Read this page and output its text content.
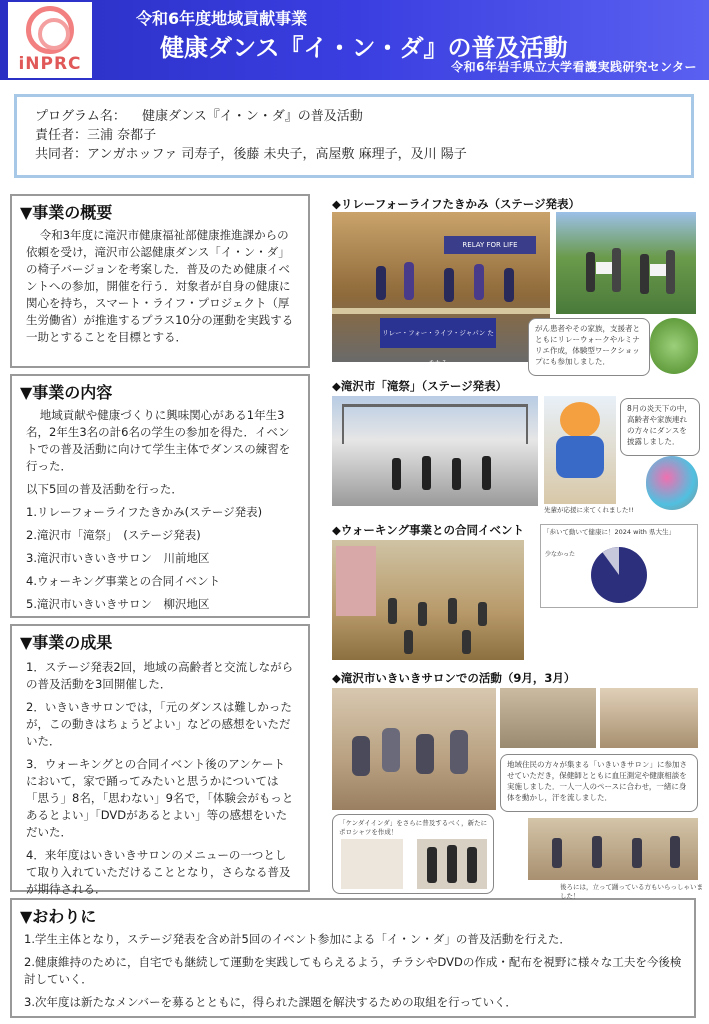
iNPRC
令和6年度地域貢献事業
健康ダンス『イ・ン・ダ』の普及活動
令和6年岩手県立大学看護実践研究センター

プログラム名： 健康ダンス『イ・ン・ダ』の普及活動

責任者：三浦 奈都子

共同者：アンガホッファ 司寿子，後藤 未央子，高屋敷 麻理子，及川 陽子

▼事業の概要
令和3年度に滝沢市健康福祉部健康推進課からの依頼を受け，滝沢市公認健康ダンス「イ・ン・ダ」の椅子バージョンを考案した．普及のため健康イベントへの参加，開催を行う．対象者が自身の健康に関心を持ち，スマート・ライフ・プロジェクト（厚生労働省）が推進するプラス10分の運動を実践する一助とすることを目標とする．
▼事業の内容
地域貢献や健康づくりに興味関心がある1年生3名，2年生3名の計6名の学生の参加を得た．イベントでの普及活動に向けて学生主体でダンスの練習を行った．
以下5回の普及活動を行った．
1.リレーフォーライフたきかみ(ステージ発表)
2.滝沢市「滝祭」　(ステージ発表)
3.滝沢市いきいきサロン　川前地区
4.ウォーキング事業との合同イベント
5.滝沢市いきいきサロン　柳沢地区
▼事業の成果
1．ステージ発表2回，地域の高齢者と交流しながらの普及活動を3回開催した．
2．いきいきサロンでは，「元のダンスは難しかったが，この動きはちょうどよい」などの感想をいただいた．
3．ウォーキングとの合同イベント後のアンケートにおいて，家で踊ってみたいと思うかについては「思う」8名，「思わない」9名で，「体験会がもっとあるとよい」「DVDがあるとよい」等の感想をいただいた．
4．来年度はいきいきサロンのメニューの一つとして取り入れていただけることとなり，さらなる普及が期待される．
▼おわりに
1.学生主体となり，ステージ発表を含め計5回のイベント参加による「イ・ン・ダ」の普及活動を行えた．
2.健康維持のために，自宅でも継続して運動を実践してもらえるよう，チラシやDVDの作成・配布を視野に様々な工夫を今後検討していく．
3.次年度は新たなメンバーを募るとともに，得られた課題を解決するための取組を行っていく．
◆リレーフォーライフたきかみ（ステージ発表）
RELAY FOR LIFE
リレー・フォー・ライフ・ジャパン たきかみ
がん患者やその家族，支援者とともにリレーウォークやルミナリエ作成，体験型ワークショップにも参加しました．
◆滝沢市「滝祭」（ステージ発表）
先輩が応援に来てくれました!!
8月の炎天下の中，高齢者や家族連れの方々にダンスを披露しました．
◆ウォーキング事業との合同イベント	「歩いて動いて健康に！2024 with 県大生」
少なかった
◆滝沢市いきいきサロンでの活動（9月，3月）
地域住民の方々が集まる「いきいきサロン」に参加させていただき，保健師とともに血圧測定や健康相談を実施しました．一人一人のペースに合わせ，一緒に身体を動かし，汗を流しました．
「ケンダイインダ」をさらに普及するべく，新たにポロシャツを作成！
後ろには，立って踊っている方もいらっしゃいました！
